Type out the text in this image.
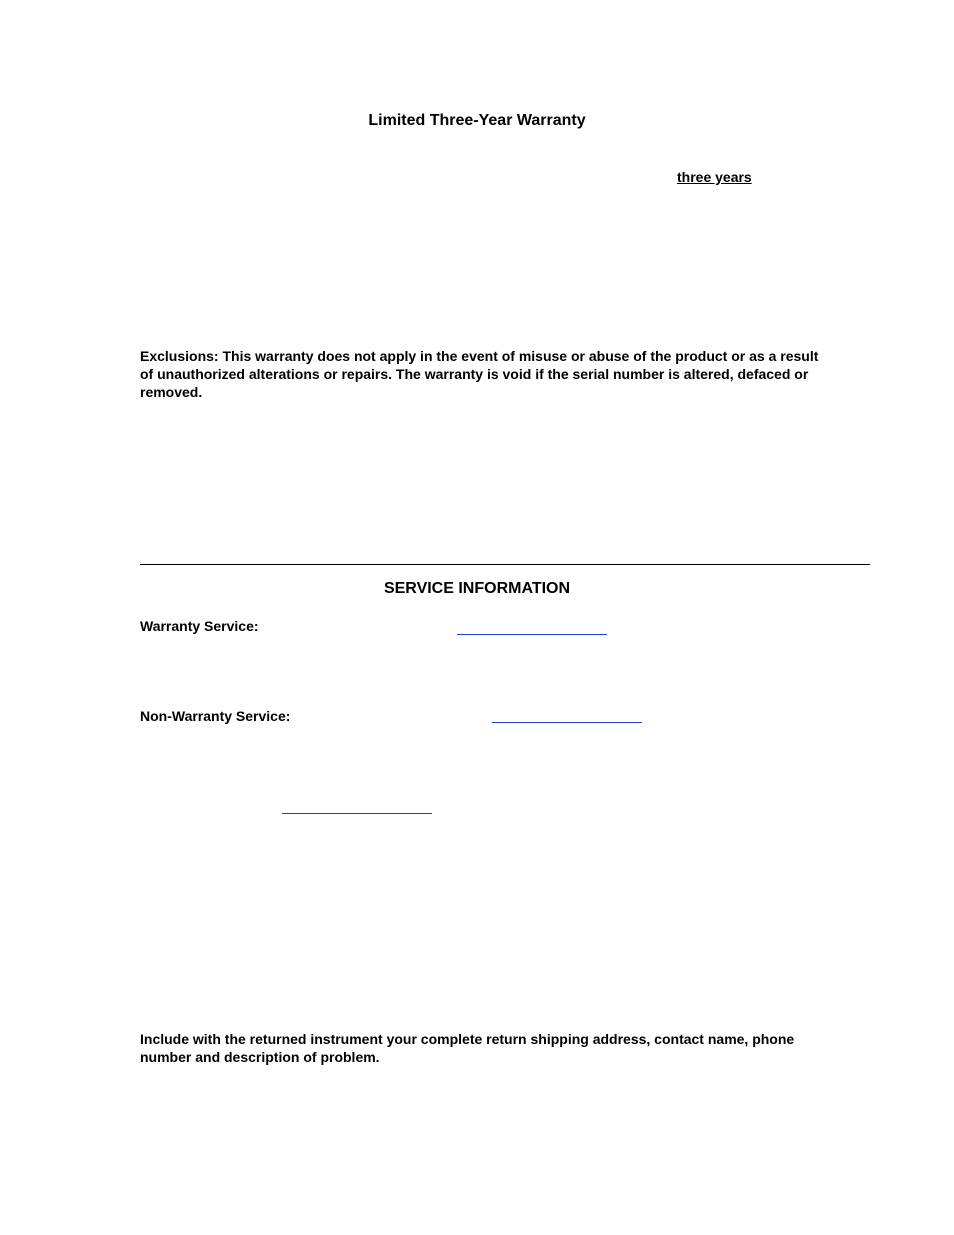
Limited Three-Year Warranty
three years
Exclusions: This warranty does not apply in the event of misuse or abuse of the product or as a result of unauthorized alterations or repairs. The warranty is void if the serial number is altered, defaced or removed.
SERVICE INFORMATION
Warranty Service:
Non-Warranty Service:
Include with the returned instrument your complete return shipping address, contact name, phone number and description of problem.
